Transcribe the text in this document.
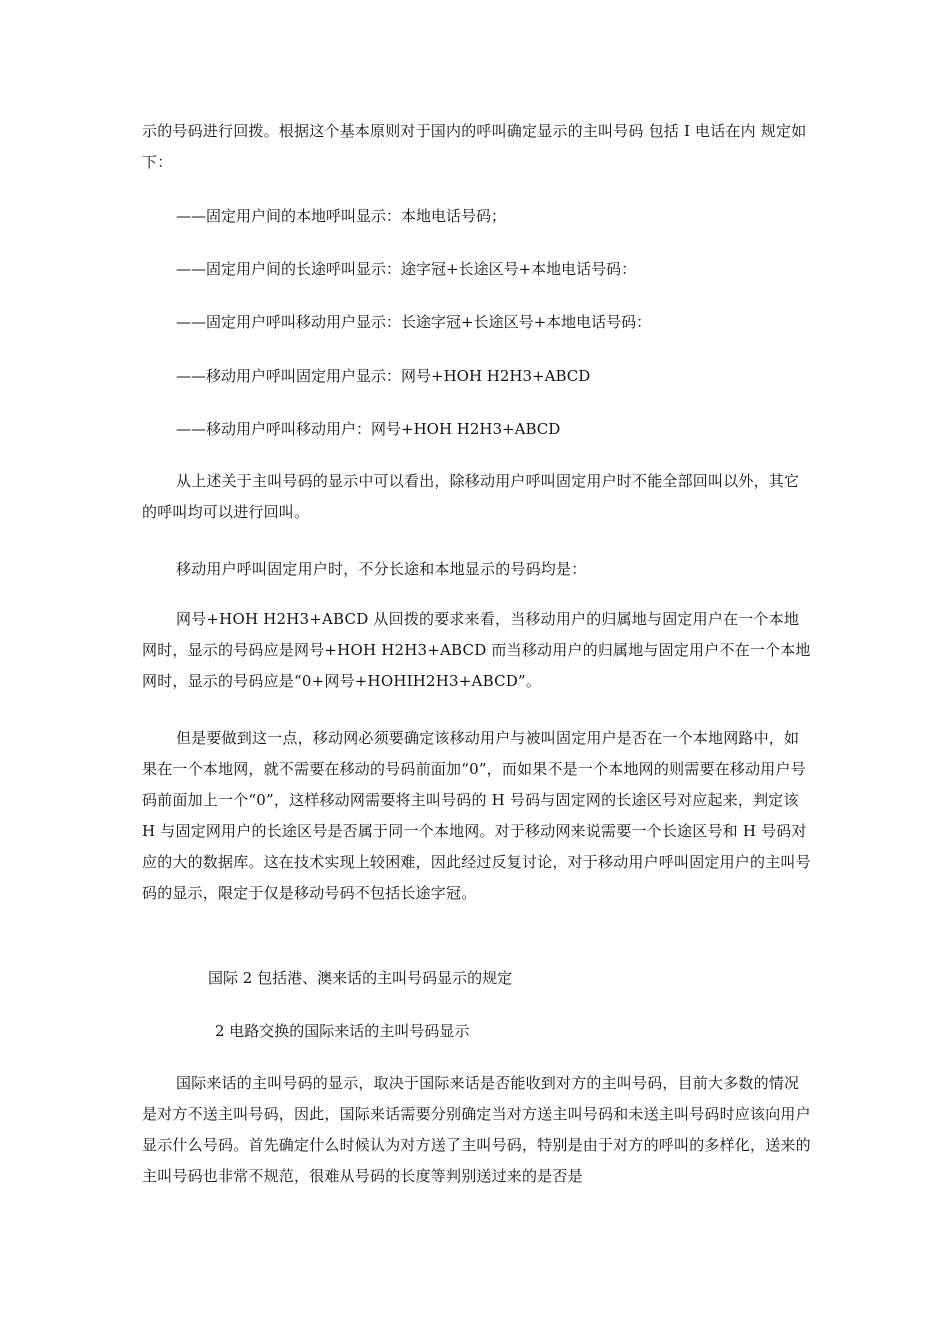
示的号码进行回拨。根据这个基本原则对于国内的呼叫确定显示的主叫号码 包括 I 电话在内 规定如下：

——固定用户间的本地呼叫显示：本地电话号码；

——固定用户间的长途呼叫显示：途字冠+长途区号+本地电话号码：

——固定用户呼叫移动用户显示：长途字冠+长途区号+本地电话号码：

——移动用户呼叫固定用户显示：网号+HOH H2H3+ABCD

——移动用户呼叫移动用户：网号+HOH H2H3+ABCD

从上述关于主叫号码的显示中可以看出，除移动用户呼叫固定用户时不能全部回叫以外，其它的呼叫均可以进行回叫。

移动用户呼叫固定用户时，不分长途和本地显示的号码均是：

网号+HOH H2H3+ABCD 从回拨的要求来看，当移动用户的归属地与固定用户在一个本地网时，显示的号码应是网号+HOH H2H3+ABCD 而当移动用户的归属地与固定用户不在一个本地网时，显示的号码应是“0+网号+HOHIH2H3+ABCD”。

但是要做到这一点，移动网必须要确定该移动用户与被叫固定用户是否在一个本地网路中，如果在一个本地网，就不需要在移动的号码前面加“0”，而如果不是一个本地网的则需要在移动用户号码前面加上一个“0”，这样移动网需要将主叫号码的 H 号码与固定网的长途区号对应起来，判定该 H 与固定网用户的长途区号是否属于同一个本地网。对于移动网来说需要一个长途区号和 H 号码对应的大的数据库。这在技术实现上较困难，因此经过反复讨论，对于移动用户呼叫固定用户的主叫号码的显示，限定于仅是移动号码不包括长途字冠。

国际 2 包括港、澳来话的主叫号码显示的规定

2 电路交换的国际来话的主叫号码显示

国际来话的主叫号码的显示，取决于国际来话是否能收到对方的主叫号码，目前大多数的情况是对方不送主叫号码，因此，国际来话需要分别确定当对方送主叫号码和未送主叫号码时应该向用户显示什么号码。首先确定什么时候认为对方送了主叫号码，特别是由于对方的呼叫的多样化，送来的主叫号码也非常不规范，很难从号码的长度等判别送过来的是否是
